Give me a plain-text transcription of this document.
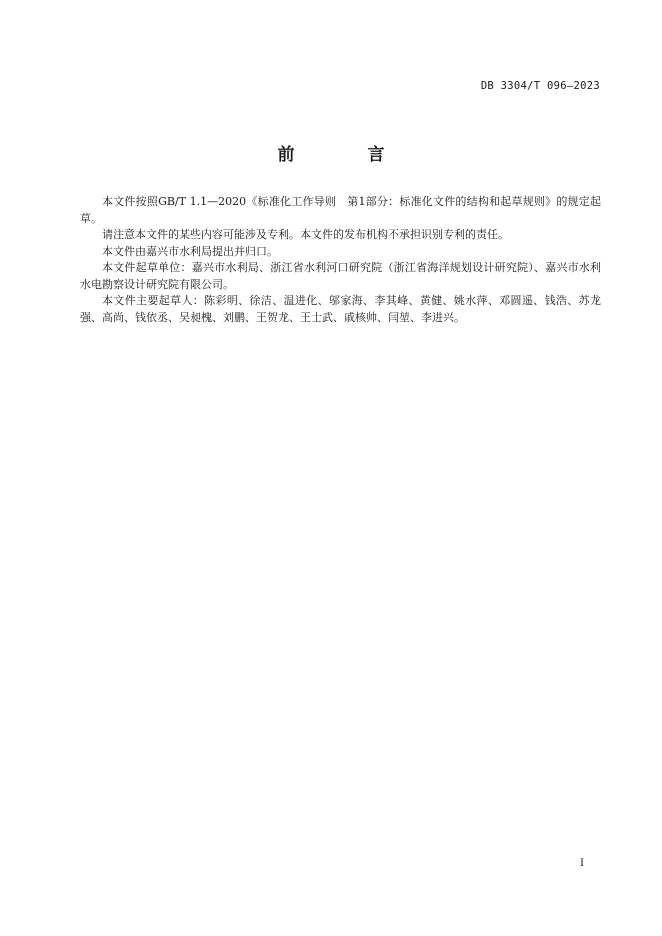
DB 3304/T 096—2023
前　言

本文件按照GB/T 1.1—2020《标准化工作导则　第1部分：标准化文件的结构和起草规则》的规定起草。

请注意本文件的某些内容可能涉及专利。本文件的发布机构不承担识别专利的责任。

本文件由嘉兴市水利局提出并归口。

本文件起草单位：嘉兴市水利局、浙江省水利河口研究院（浙江省海洋规划设计研究院）、嘉兴市水利水电勘察设计研究院有限公司。

本文件主要起草人：陈彩明、徐洁、温进化、邬家海、李其峰、黄健、姚水萍、邓圆遥、钱浩、苏龙强、高尚、钱依丞、吴昶槐、刘鹏、王贺龙、王士武、戚核帅、闫堃、李进兴。

I
